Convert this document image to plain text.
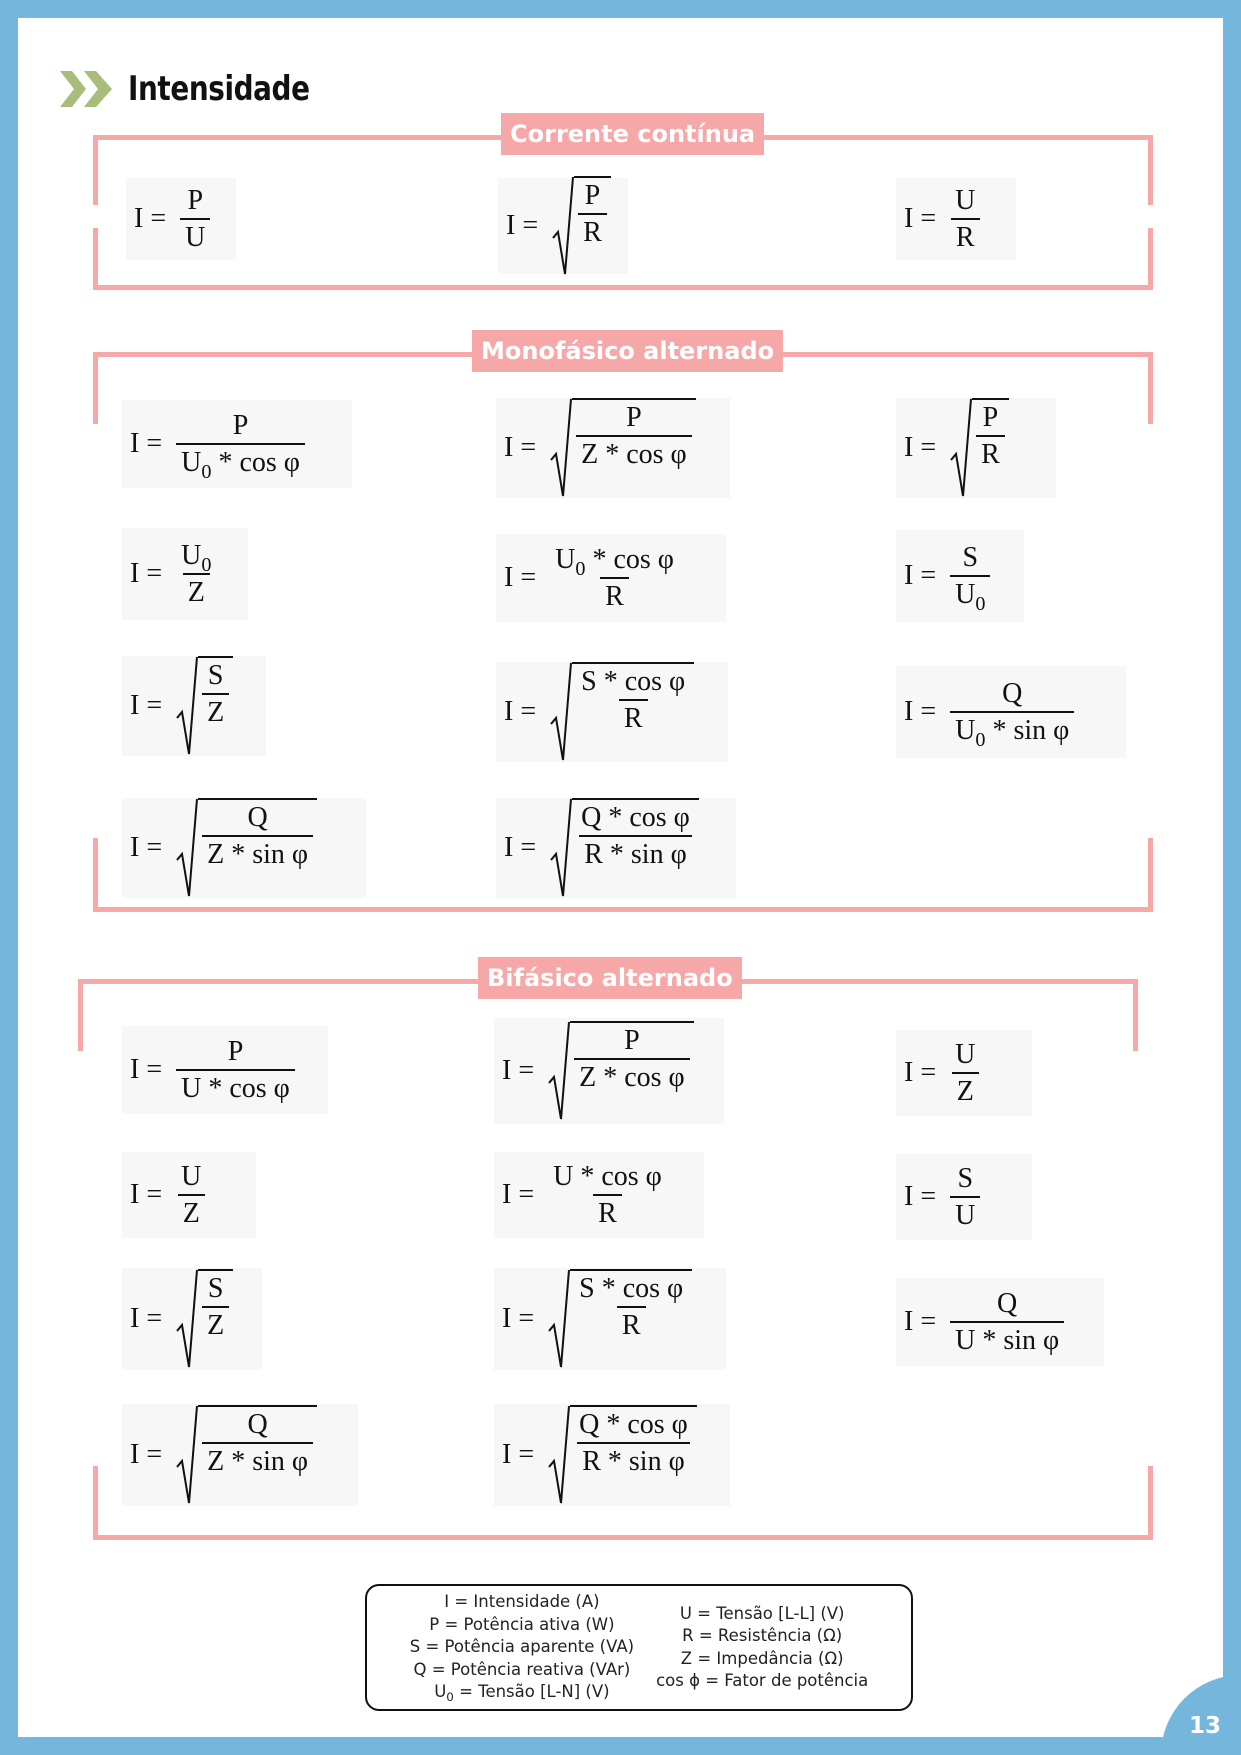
Intensidade
Corrente contínua
$I = \frac{P}{U}$	$I = \frac{P}{R}$	$I = \frac{U}{R}$
Monofásico alternado
$I = \frac{P}{U_0 * \cos \varphi}$	$I = \frac{P}{\text{Z * cos φ}}$	$I = \frac{P}{R}$
$I = \frac{U_0}{Z}$	$I = \frac{U_0 * \cos \varphi}{R}$	$I = \frac{S}{U_0}$
$I = \frac{S}{Z}$	$I = \frac{\text{S * cos φ}}{R}$	$I = \frac{Q}{U_0 * \sin \varphi}$
$I = \frac{Q}{\text{Z * sin φ}}$	$I = \frac{\text{Q * cos φ}}{\text{R * sin φ}}$
Bifásico alternado
$I = \frac{P}{\text{U * cos φ}}$	$I = \frac{P}{\text{Z * cos φ}}$	$I = \frac{U}{Z}$
$I = \frac{U}{Z}$	$I = \frac{\text{U * cos φ}}{R}$	$I = \frac{S}{U}$
$I = \frac{S}{Z}$	$I = \frac{\text{S * cos φ}}{R}$	$I = \frac{Q}{\text{U * sin φ}}$
$I = \frac{Q}{\text{Z * sin φ}}$	$I = \frac{\text{Q * cos φ}}{\text{R * sin φ}}$
I = Intensidade (A)
P = Potência ativa (W)
S = Potência aparente (VA)
Q = Potência reativa (VAr)
$U_0$ = Tensão [L-N] (V)
U = Tensão [L-L] (V)
R = Resistência (Ω)
Z = Impedância (Ω)
cos ϕ = Fator de potência
13
